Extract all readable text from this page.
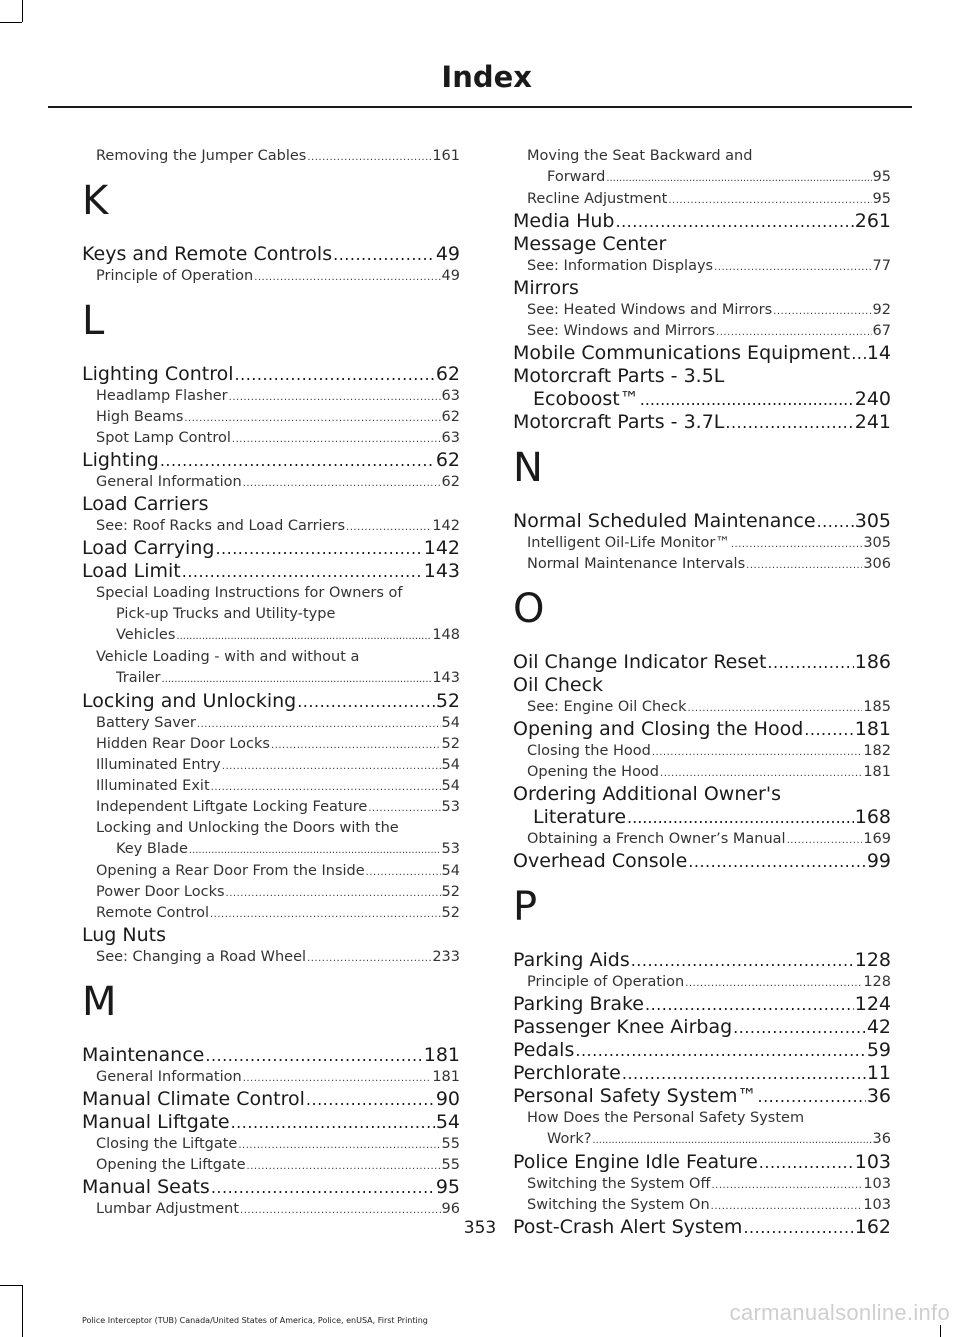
Index
Removing the Jumper Cables .....	161
K
Keys and Remote Controls .....	49
Principle of Operation .....	49
L
Lighting Control .....	62
Headlamp Flasher .....	63
High Beams .....	62
Spot Lamp Control .....	63
Lighting .....	62
General Information .....	62
Load Carriers
See: Roof Racks and Load Carriers .....	142
Load Carrying .....	142
Load Limit .....	143
Special Loading Instructions for Owners of
Pick-up Trucks and Utility-type
Vehicles .....	148
Vehicle Loading - with and without a
Trailer .....	143
Locking and Unlocking .....	52
Battery Saver .....	54
Hidden Rear Door Locks .....	52
Illuminated Entry .....	54
Illuminated Exit .....	54
Independent Liftgate Locking Feature .....	53
Locking and Unlocking the Doors with the
Key Blade .....	53
Opening a Rear Door From the Inside .....	54
Power Door Locks .....	52
Remote Control .....	52
Lug Nuts
See: Changing a Road Wheel .....	233
M
Maintenance .....	181
General Information .....	181
Manual Climate Control .....	90
Manual Liftgate .....	54
Closing the Liftgate .....	55
Opening the Liftgate .....	55
Manual Seats .....	95
Lumbar Adjustment .....	96
Moving the Seat Backward and
Forward .....	95
Recline Adjustment .....	95
Media Hub .....	261
Message Center
See: Information Displays .....	77
Mirrors
See: Heated Windows and Mirrors .....	92
See: Windows and Mirrors .....	67
Mobile Communications Equipment ..... 14
Motorcraft Parts - 3.5L
Ecoboost™ .....	240
Motorcraft Parts - 3.7L .....	241
N
Normal Scheduled Maintenance ..... 305
Intelligent Oil-Life Monitor™ .....	305
Normal Maintenance Intervals .....	306
O
Oil Change Indicator Reset .....	186
Oil Check
See: Engine Oil Check .....	185
Opening and Closing the Hood .....	181
Closing the Hood .....	182
Opening the Hood .....	181
Ordering Additional Owner's
Literature .....	168
Obtaining a French Owner’s Manual .....	169
Overhead Console .....	99
P
Parking Aids .....	128
Principle of Operation .....	128
Parking Brake .....	124
Passenger Knee Airbag .....	42
Pedals .....	59
Perchlorate .....	11
Personal Safety System™ .....	36
How Does the Personal Safety System
Work? .....	36
Police Engine Idle Feature .....	103
Switching the System Off .....	103
Switching the System On .....	103
Post-Crash Alert System .....	162
353
Police Interceptor (TUB) Canada/United States of America, Police, enUSA, First Printing	carmanualsonline.info
